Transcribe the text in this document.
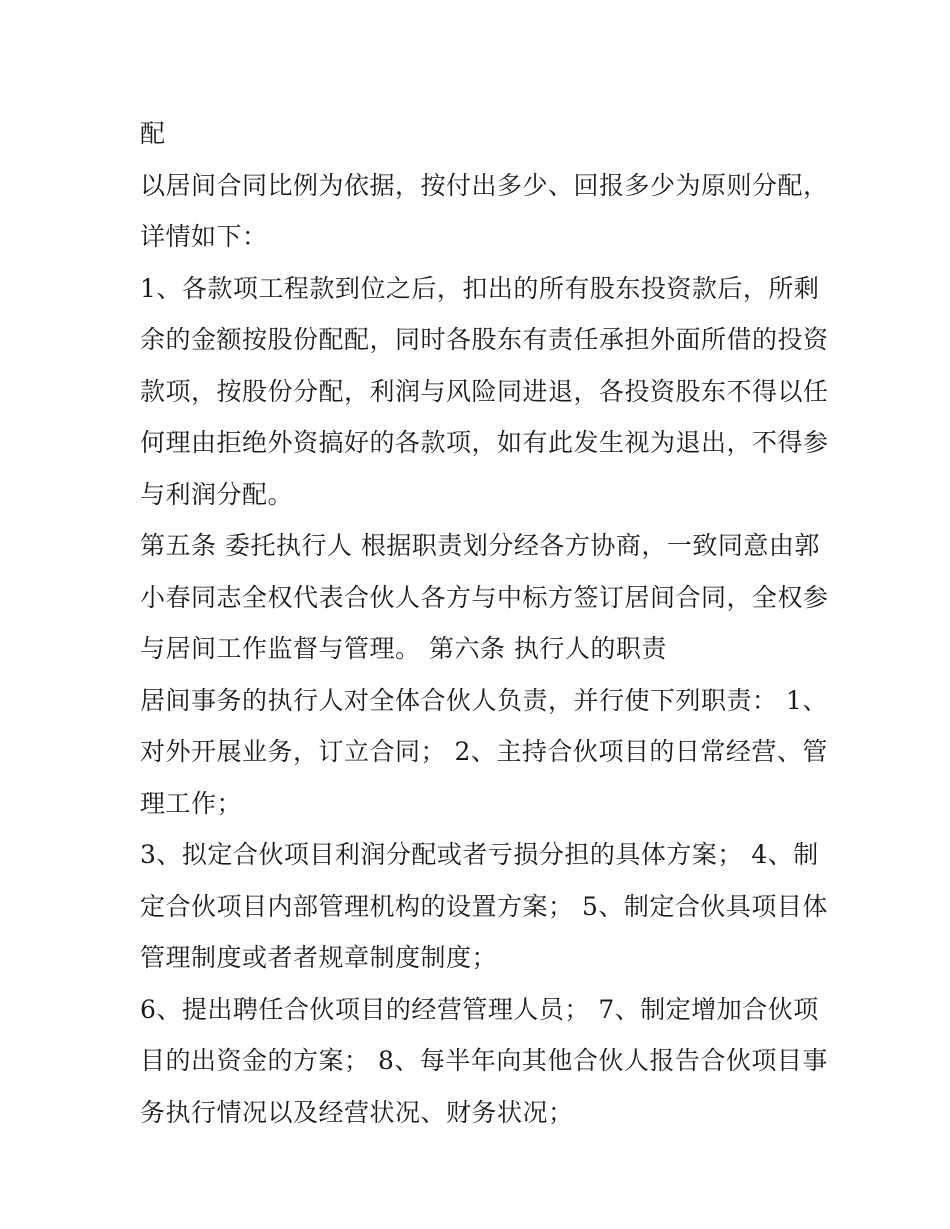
配
以居间合同比例为依据，按付出多少、回报多少为原则分配，
详情如下：
1、各款项工程款到位之后，扣出的所有股东投资款后，所剩
余的金额按股份配配，同时各股东有责任承担外面所借的投资
款项，按股份分配，利润与风险同进退，各投资股东不得以任
何理由拒绝外资搞好的各款项，如有此发生视为退出，不得参
与利润分配。
第五条 委托执行人 根据职责划分经各方协商，一致同意由郭
小春同志全权代表合伙人各方与中标方签订居间合同，全权参
与居间工作监督与管理。 第六条 执行人的职责
居间事务的执行人对全体合伙人负责，并行使下列职责： 1、
对外开展业务，订立合同； 2、主持合伙项目的日常经营、管
理工作；
3、拟定合伙项目利润分配或者亏损分担的具体方案； 4、制
定合伙项目内部管理机构的设置方案； 5、制定合伙具项目体
管理制度或者者规章制度制度；
6、提出聘任合伙项目的经营管理人员； 7、制定增加合伙项
目的出资金的方案； 8、每半年向其他合伙人报告合伙项目事
务执行情况以及经营状况、财务状况；
